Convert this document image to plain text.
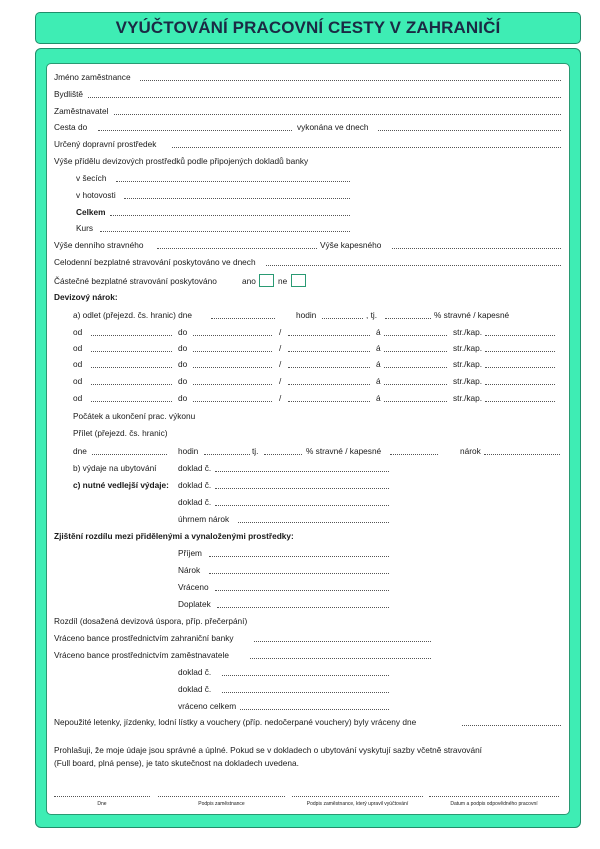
VYÚČTOVÁNÍ PRACOVNÍ CESTY V ZAHRANIČÍ
Jméno zaměstnance
Bydliště
Zaměstnavatel
Cesta do	vykonána ve dnech
Určený dopravní prostředek
Výše přídělu devizových prostředků podle připojených dokladů banky
v šecích
v hotovosti
Celkem
Kurs
Výše denního stravného	Výše kapesného
Celodenní bezplatné stravování poskytováno ve dnech
Částečné bezplatné stravování poskytováno	ano	ne
Devizový nárok:
a) odlet (přejezd. čs. hranic) dne	hodin	, tj.	% stravné / kapesné
od	do	/	á	str./kap.
od	do	/	á	str./kap.
od	do	/	á	str./kap.
od	do	/	á	str./kap.
od	do	/	á	str./kap.
Počátek a ukončení prac. výkonu
Přílet (přejezd. čs. hranic)
dne	hodin	tj.	% stravné / kapesné	nárok
b) výdaje na ubytování	doklad č.
c) nutné vedlejší výdaje: doklad č.
doklad č.
úhrnem nárok
Zjištění rozdílu mezi přidělenými a vynaloženými prostředky:
Příjem
Nárok
Vráceno
Doplatek
Rozdíl (dosažená devizová úspora, příp. přečerpání)
Vráceno bance prostřednictvím zahraniční banky
Vráceno bance prostřednictvím zaměstnavatele
doklad č.
doklad č.
vráceno celkem
Nepoužité letenky, jízdenky, lodní lístky a vouchery (příp. nedočerpané vouchery) byly vráceny dne
Prohlašuji, že moje údaje jsou správné a úplné. Pokud se v dokladech o ubytování vyskytují sazby včetně stravování
(Full board, plná pense), je tato skutečnost na dokladech uvedena.
Dne	Podpis zaměstnance	Podpis zaměstnance, který upravil vyúčtování	Datum a podpis odpovědného pracovní
